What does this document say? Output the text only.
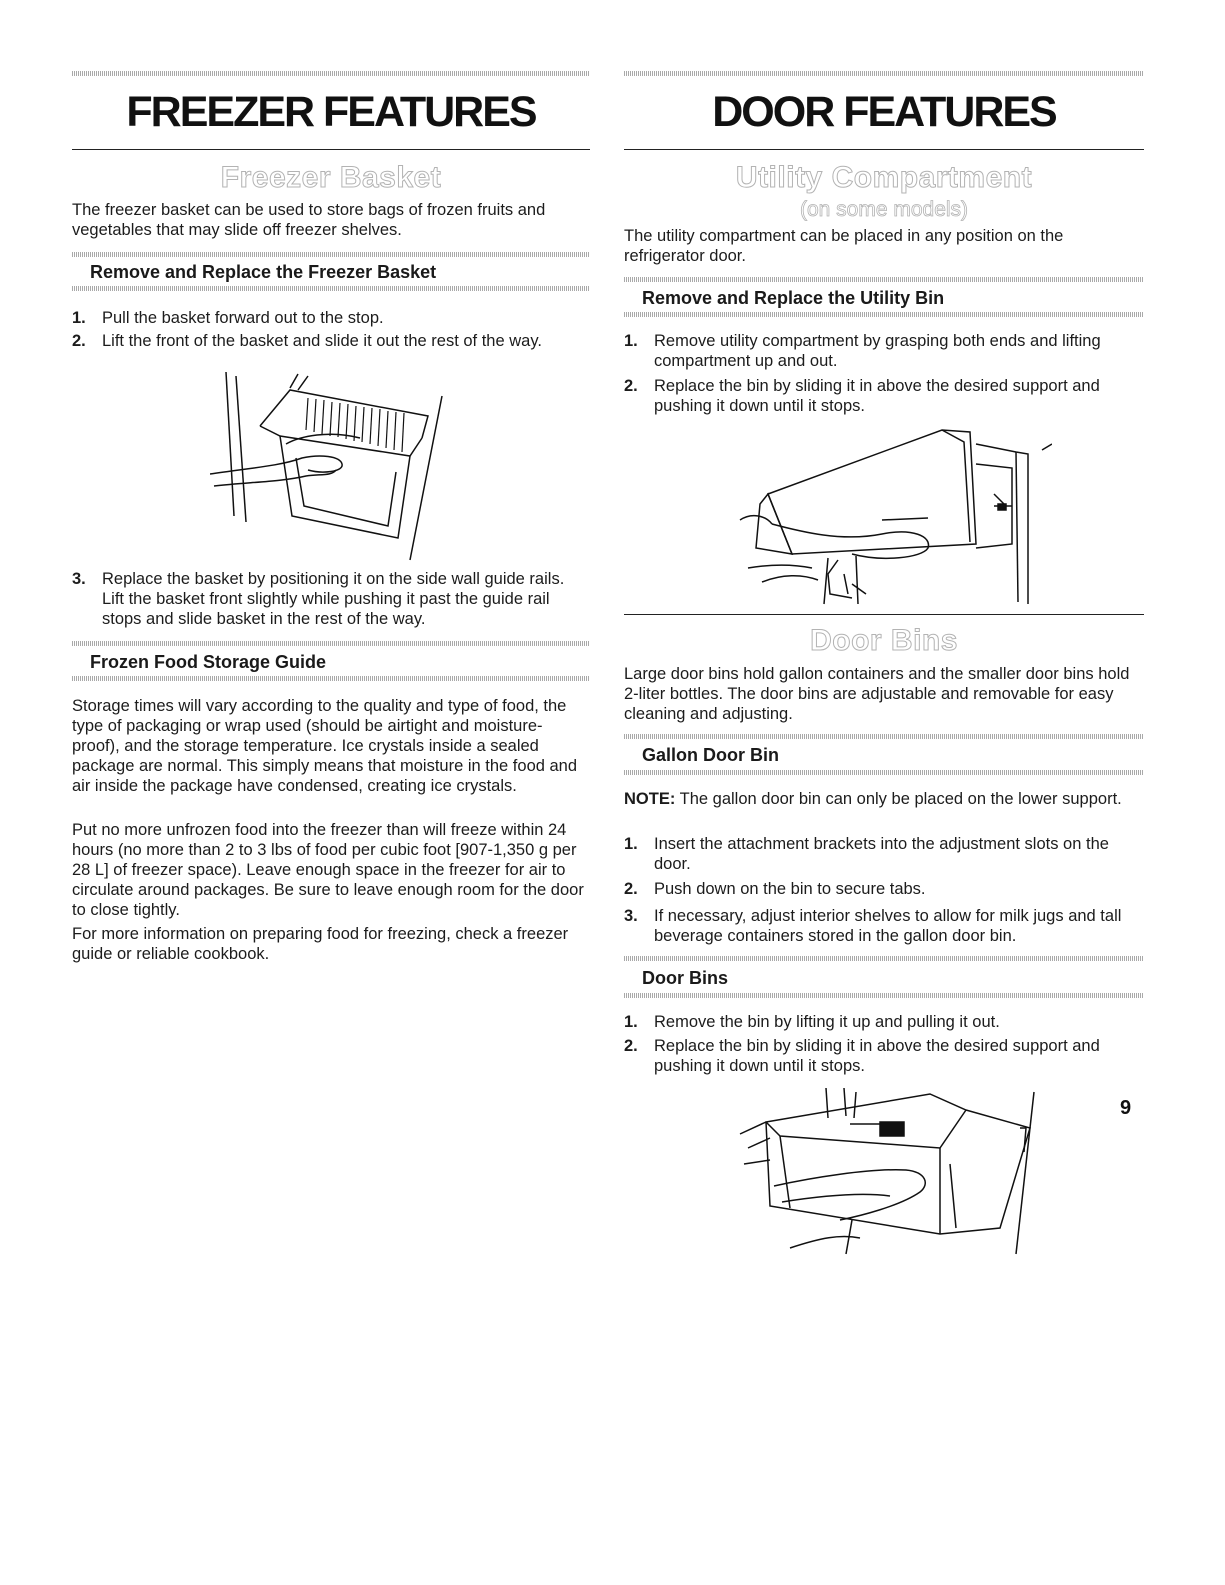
FREEZER FEATURES
Freezer Basket

The freezer basket can be used to store bags of frozen fruits and vegetables that may slide off freezer shelves.

Remove and Replace the Freezer Basket
1. Pull the basket forward out to the stop.
2. Lift the front of the basket and slide it out the rest of the way.
3. Replace the basket by positioning it on the side wall guide rails. Lift the basket front slightly while pushing it past the guide rail stops and slide basket in the rest of the way.
Frozen Food Storage Guide

Storage times will vary according to the quality and type of food, the type of packaging or wrap used (should be airtight and moisture-proof), and the storage temperature. Ice crystals inside a sealed package are normal. This simply means that moisture in the food and air inside the package have condensed, creating ice crystals.

Put no more unfrozen food into the freezer than will freeze within 24 hours (no more than 2 to 3 lbs of food per cubic foot [907-1,350 g per 28 L] of freezer space). Leave enough space in the freezer for air to circulate around packages. Be sure to leave enough room for the door to close tightly.

For more information on preparing food for freezing, check a freezer guide or reliable cookbook.

DOOR FEATURES
Utility Compartment
(on some models)

The utility compartment can be placed in any position on the refrigerator door.

Remove and Replace the Utility Bin
1. Remove utility compartment by grasping both ends and lifting compartment up and out.
2. Replace the bin by sliding it in above the desired support and pushing it down until it stops.
Door Bins

Large door bins hold gallon containers and the smaller door bins hold 2-liter bottles. The door bins are adjustable and removable for easy cleaning and adjusting.

Gallon Door Bin

NOTE: The gallon door bin can only be placed on the lower support.

1. Insert the attachment brackets into the adjustment slots on the door.
2. Push down on the bin to secure tabs.
3. If necessary, adjust interior shelves to allow for milk jugs and tall beverage containers stored in the gallon door bin.
Door Bins
1. Remove the bin by lifting it up and pulling it out.
2. Replace the bin by sliding it in above the desired support and pushing it down until it stops.
9
